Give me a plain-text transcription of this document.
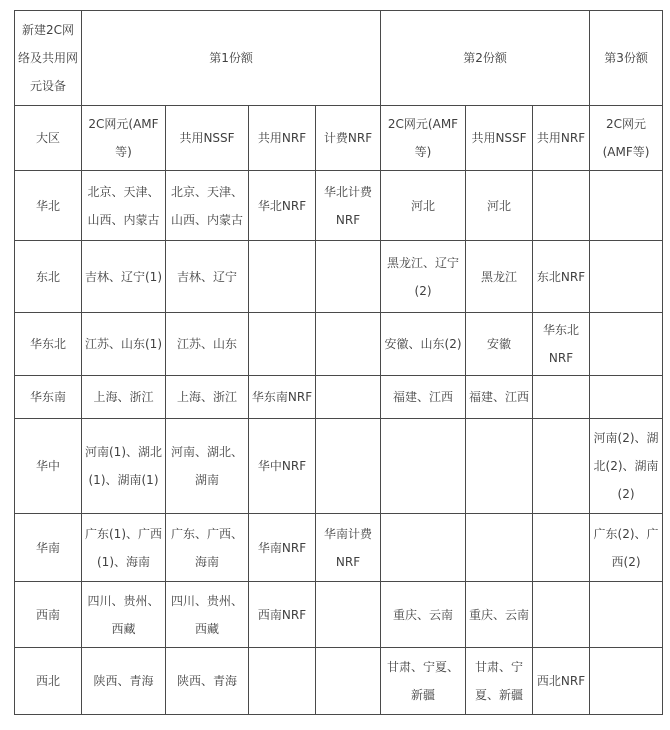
新建2C网络及共用网元设备	第1份额				第2份额			第3份额
大区	2C网元(AMF等)	共用NSSF	共用NRF	计费NRF	2C网元(AMF等)	共用NSSF	共用NRF	2C网元(AMF等)
华北	北京、天津、山西、内蒙古	北京、天津、山西、内蒙古	华北NRF	华北计费NRF	河北	河北		
东北	吉林、辽宁(1)	吉林、辽宁			黑龙江、辽宁(2)	黑龙江	东北NRF	
华东北	江苏、山东(1)	江苏、山东			安徽、山东(2)	安徽	华东北NRF	
华东南	上海、浙江	上海、浙江	华东南NRF		福建、江西	福建、江西		
华中	河南(1)、湖北(1)、湖南(1)	河南、湖北、湖南	华中NRF					河南(2)、湖北(2)、湖南(2)
华南	广东(1)、广西(1)、海南	广东、广西、海南	华南NRF	华南计费NRF				广东(2)、广西(2)
西南	四川、贵州、西藏	四川、贵州、西藏	西南NRF		重庆、云南	重庆、云南		
西北	陕西、青海	陕西、青海			甘肃、宁夏、新疆	甘肃、宁夏、新疆	西北NRF	
